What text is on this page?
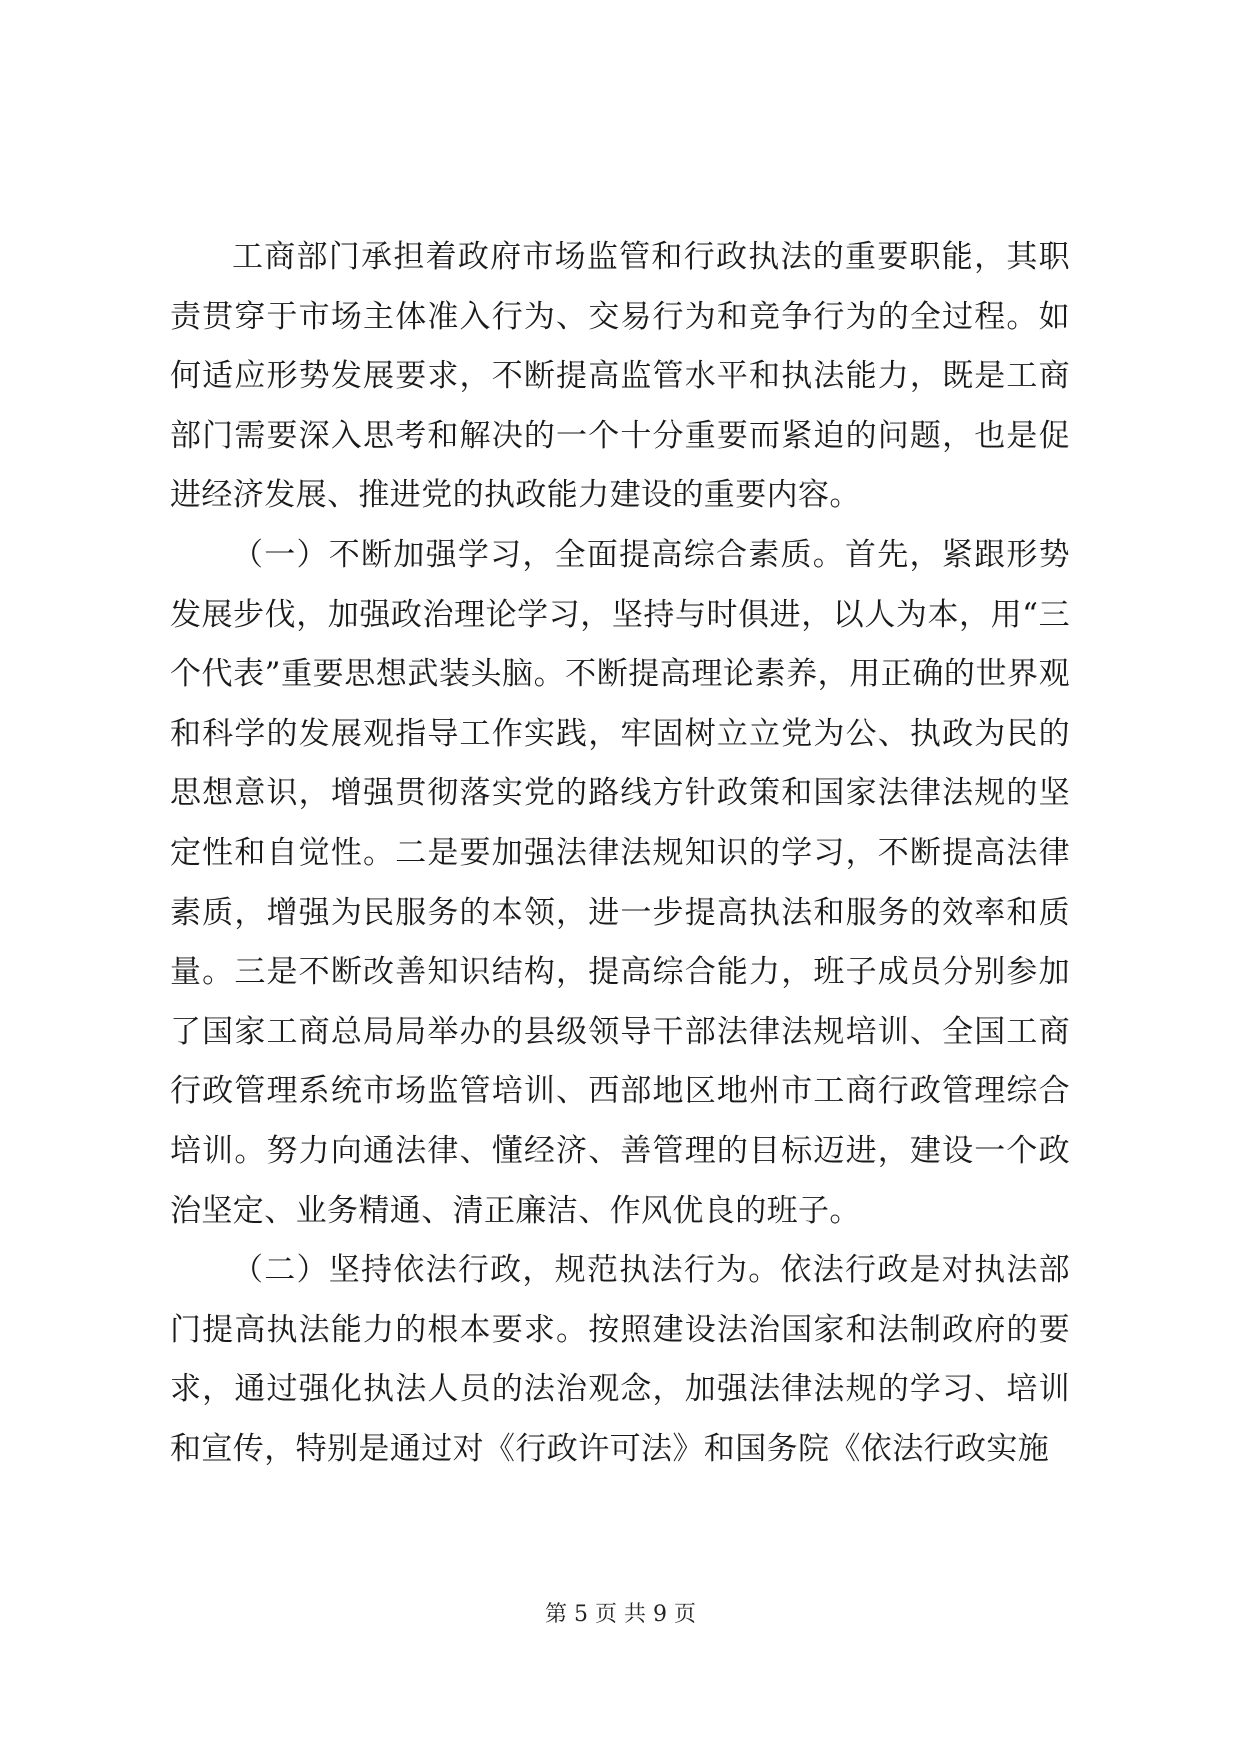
工商部门承担着政府市场监管和行政执法的重要职能，其职责贯穿于市场主体准入行为、交易行为和竞争行为的全过程。如何适应形势发展要求，不断提高监管水平和执法能力，既是工商部门需要深入思考和解决的一个十分重要而紧迫的问题，也是促进经济发展、推进党的执政能力建设的重要内容。

（一）不断加强学习，全面提高综合素质。首先，紧跟形势发展步伐，加强政治理论学习，坚持与时俱进，以人为本，用“三个代表”重要思想武装头脑。不断提高理论素养，用正确的世界观和科学的发展观指导工作实践，牢固树立立党为公、执政为民的思想意识，增强贯彻落实党的路线方针政策和国家法律法规的坚定性和自觉性。二是要加强法律法规知识的学习，不断提高法律素质，增强为民服务的本领，进一步提高执法和服务的效率和质量。三是不断改善知识结构，提高综合能力，班子成员分别参加了国家工商总局局举办的县级领导干部法律法规培训、全国工商行政管理系统市场监管培训、西部地区地州市工商行政管理综合培训。努力向通法律、懂经济、善管理的目标迈进，建设一个政治坚定、业务精通、清正廉洁、作风优良的班子。

（二）坚持依法行政，规范执法行为。依法行政是对执法部门提高执法能力的根本要求。按照建设法治国家和法制政府的要求，通过强化执法人员的法治观念，加强法律法规的学习、培训和宣传，特别是通过对《行政许可法》和国务院《依法行政实施

第 5 页 共 9 页
